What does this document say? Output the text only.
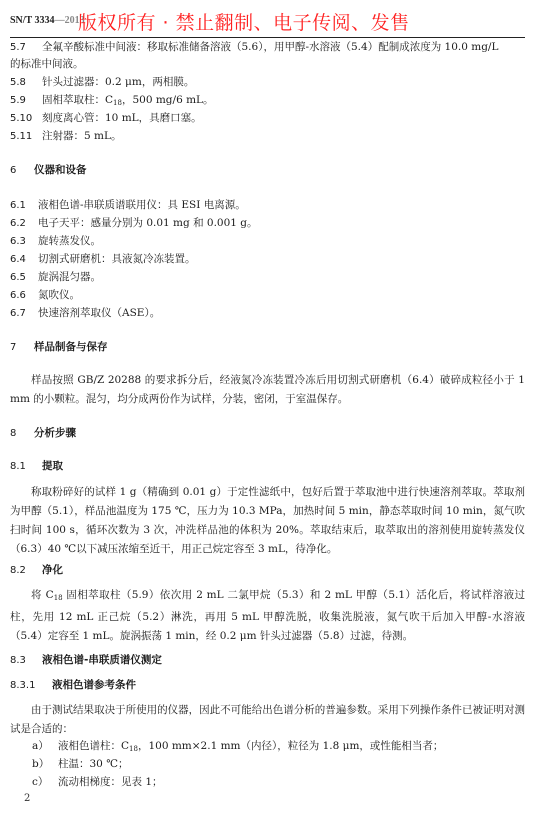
SN/T 3334—2013
版权所有 · 禁止翻制、电子传阅、发售
5.7 全氟辛酸标准中间液：移取标准储备溶液（5.6），用甲醇-水溶液（5.4）配制成浓度为 10.0 mg/L
的标准中间液。
5.8 针头过滤器：0.2 μm，两相膜。
5.9 固相萃取柱：$C_{18}$，500 mg/6 mL。
5.10 刻度离心管：10 mL，具磨口塞。
5.11 注射器：5 mL。
6 仪器和设备
6.1 液相色谱-串联质谱联用仪：具 ESI 电离源。
6.2 电子天平：感量分别为 0.01 mg 和 0.001 g。
6.3 旋转蒸发仪。
6.4 切割式研磨机：具液氮冷冻装置。
6.5 旋涡混匀器。
6.6 氮吹仪。
6.7 快速溶剂萃取仪（ASE）。
7 样品制备与保存
样品按照 GB/Z 20288 的要求拆分后，经液氮冷冻装置冷冻后用切割式研磨机（6.4）破碎成粒径小于 1 mm 的小颗粒。混匀，均分成两份作为试样，分装，密闭，于室温保存。
8 分析步骤
8.1 提取
称取粉碎好的试样 1 g（精确到 0.01 g）于定性滤纸中，包好后置于萃取池中进行快速溶剂萃取。萃取剂为甲醇（5.1），样品池温度为 175 ℃，压力为 10.3 MPa，加热时间 5 min，静态萃取时间 10 min，氮气吹扫时间 100 s，循环次数为 3 次，冲洗样品池的体积为 20%。萃取结束后，取萃取出的溶剂使用旋转蒸发仪（6.3）40 ℃以下减压浓缩至近干，用正己烷定容至 3 mL，待净化。
8.2 净化
将 $C_{18}$ 固相萃取柱（5.9）依次用 2 mL 二氯甲烷（5.3）和 2 mL 甲醇（5.1）活化后，将试样溶液过柱，先用 12 mL 正己烷（5.2）淋洗，再用 5 mL 甲醇洗脱，收集洗脱液，氮气吹干后加入甲醇-水溶液（5.4）定容至 1 mL。旋涡振荡 1 min，经 0.2 μm 针头过滤器（5.8）过滤，待测。
8.3 液相色谱-串联质谱仪测定
8.3.1 液相色谱参考条件
由于测试结果取决于所使用的仪器，因此不可能给出色谱分析的普遍参数。采用下列操作条件已被证明对测试是合适的：
a） 液相色谱柱：$C_{18}$，100 mm×2.1 mm（内径），粒径为 1.8 μm，或性能相当者；
b） 柱温：30 ℃；
c） 流动相梯度：见表 1；
2
